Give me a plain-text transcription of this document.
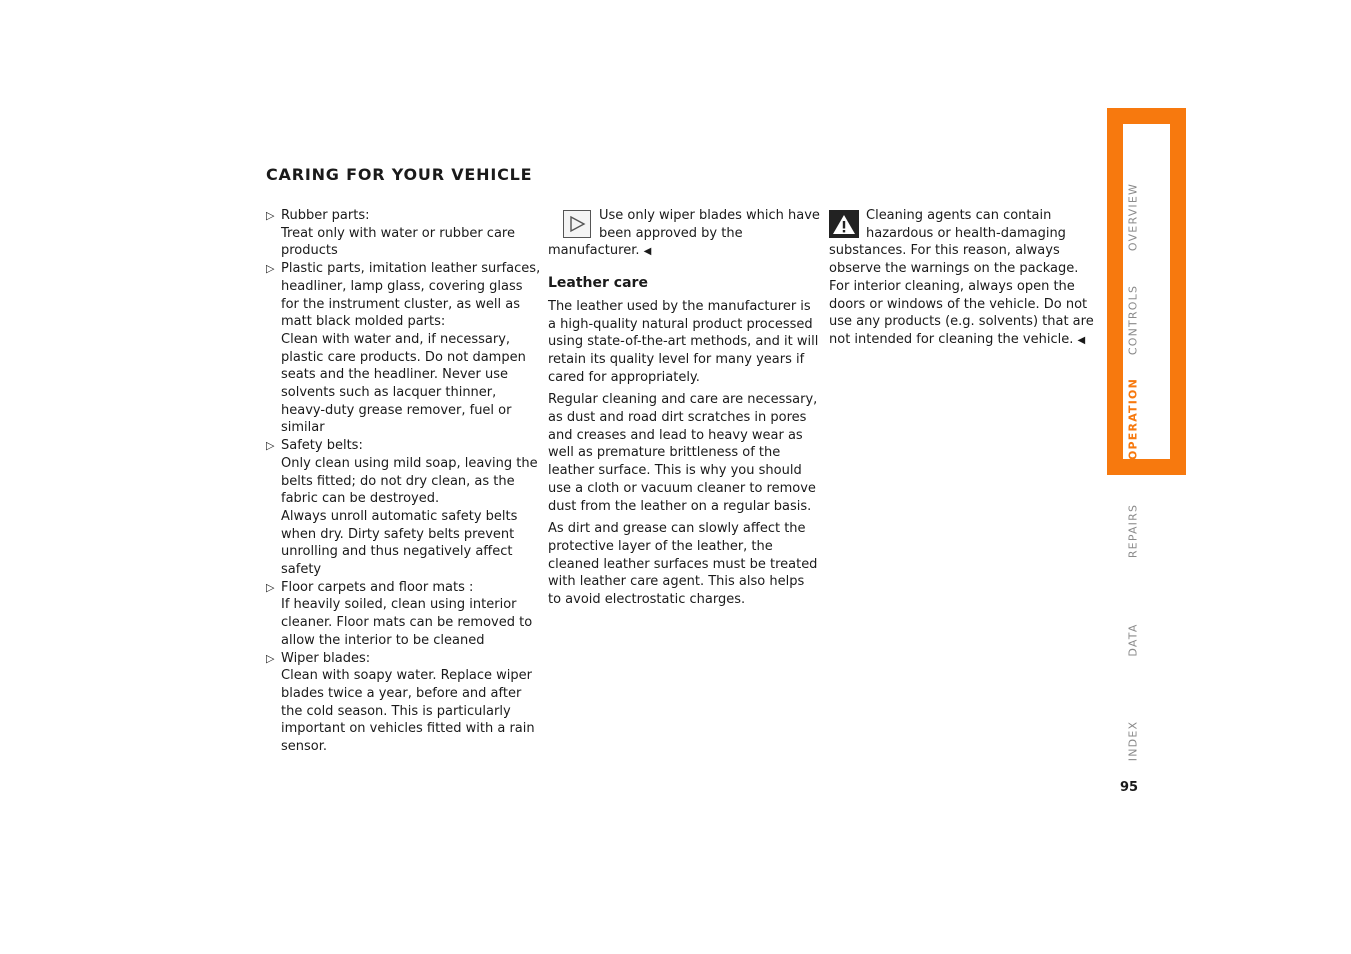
CARING FOR YOUR VEHICLE
▷ Rubber parts:

Treat only with water or rubber care products

▷ Plastic parts, imitation leather surfaces, headliner, lamp glass, covering glass for the instrument cluster, as well as matt black molded parts:

Clean with water and, if necessary, plastic care products. Do not dampen seats and the headliner. Never use solvents such as lacquer thinner, heavy-duty grease remover, fuel or similar

▷ Safety belts:

Only clean using mild soap, leaving the belts fitted; do not dry clean, as the fabric can be destroyed.

Always unroll automatic safety belts when dry. Dirty safety belts prevent unrolling and thus negatively affect safety

▷ Floor carpets and floor mats :

If heavily soiled, clean using interior cleaner. Floor mats can be removed to allow the interior to be cleaned

▷ Wiper blades:

Clean with soapy water. Replace wiper blades twice a year, before and after the cold season. This is particularly important on vehicles fitted with a rain sensor.

Use only wiper blades which have been approved by the manufacturer. ◀

Leather care

The leather used by the manufacturer is a high-quality natural product processed using state-of-the-art methods, and it will retain its quality level for many years if cared for appropriately.

Regular cleaning and care are necessary, as dust and road dirt scratches in pores and creases and lead to heavy wear as well as premature brittleness of the leather surface. This is why you should use a cloth or vacuum cleaner to remove dust from the leather on a regular basis.

As dirt and grease can slowly affect the protective layer of the leather, the cleaned leather surfaces must be treated with leather care agent. This also helps to avoid electrostatic charges.

Cleaning agents can contain hazardous or health-damaging substances. For this reason, always observe the warnings on the package.

For interior cleaning, always open the doors or windows of the vehicle. Do not use any products (e.g. solvents) that are not intended for cleaning the vehicle. ◀

OVERVIEW
CONTROLS
OPERATION
REPAIRS
DATA
INDEX
95
